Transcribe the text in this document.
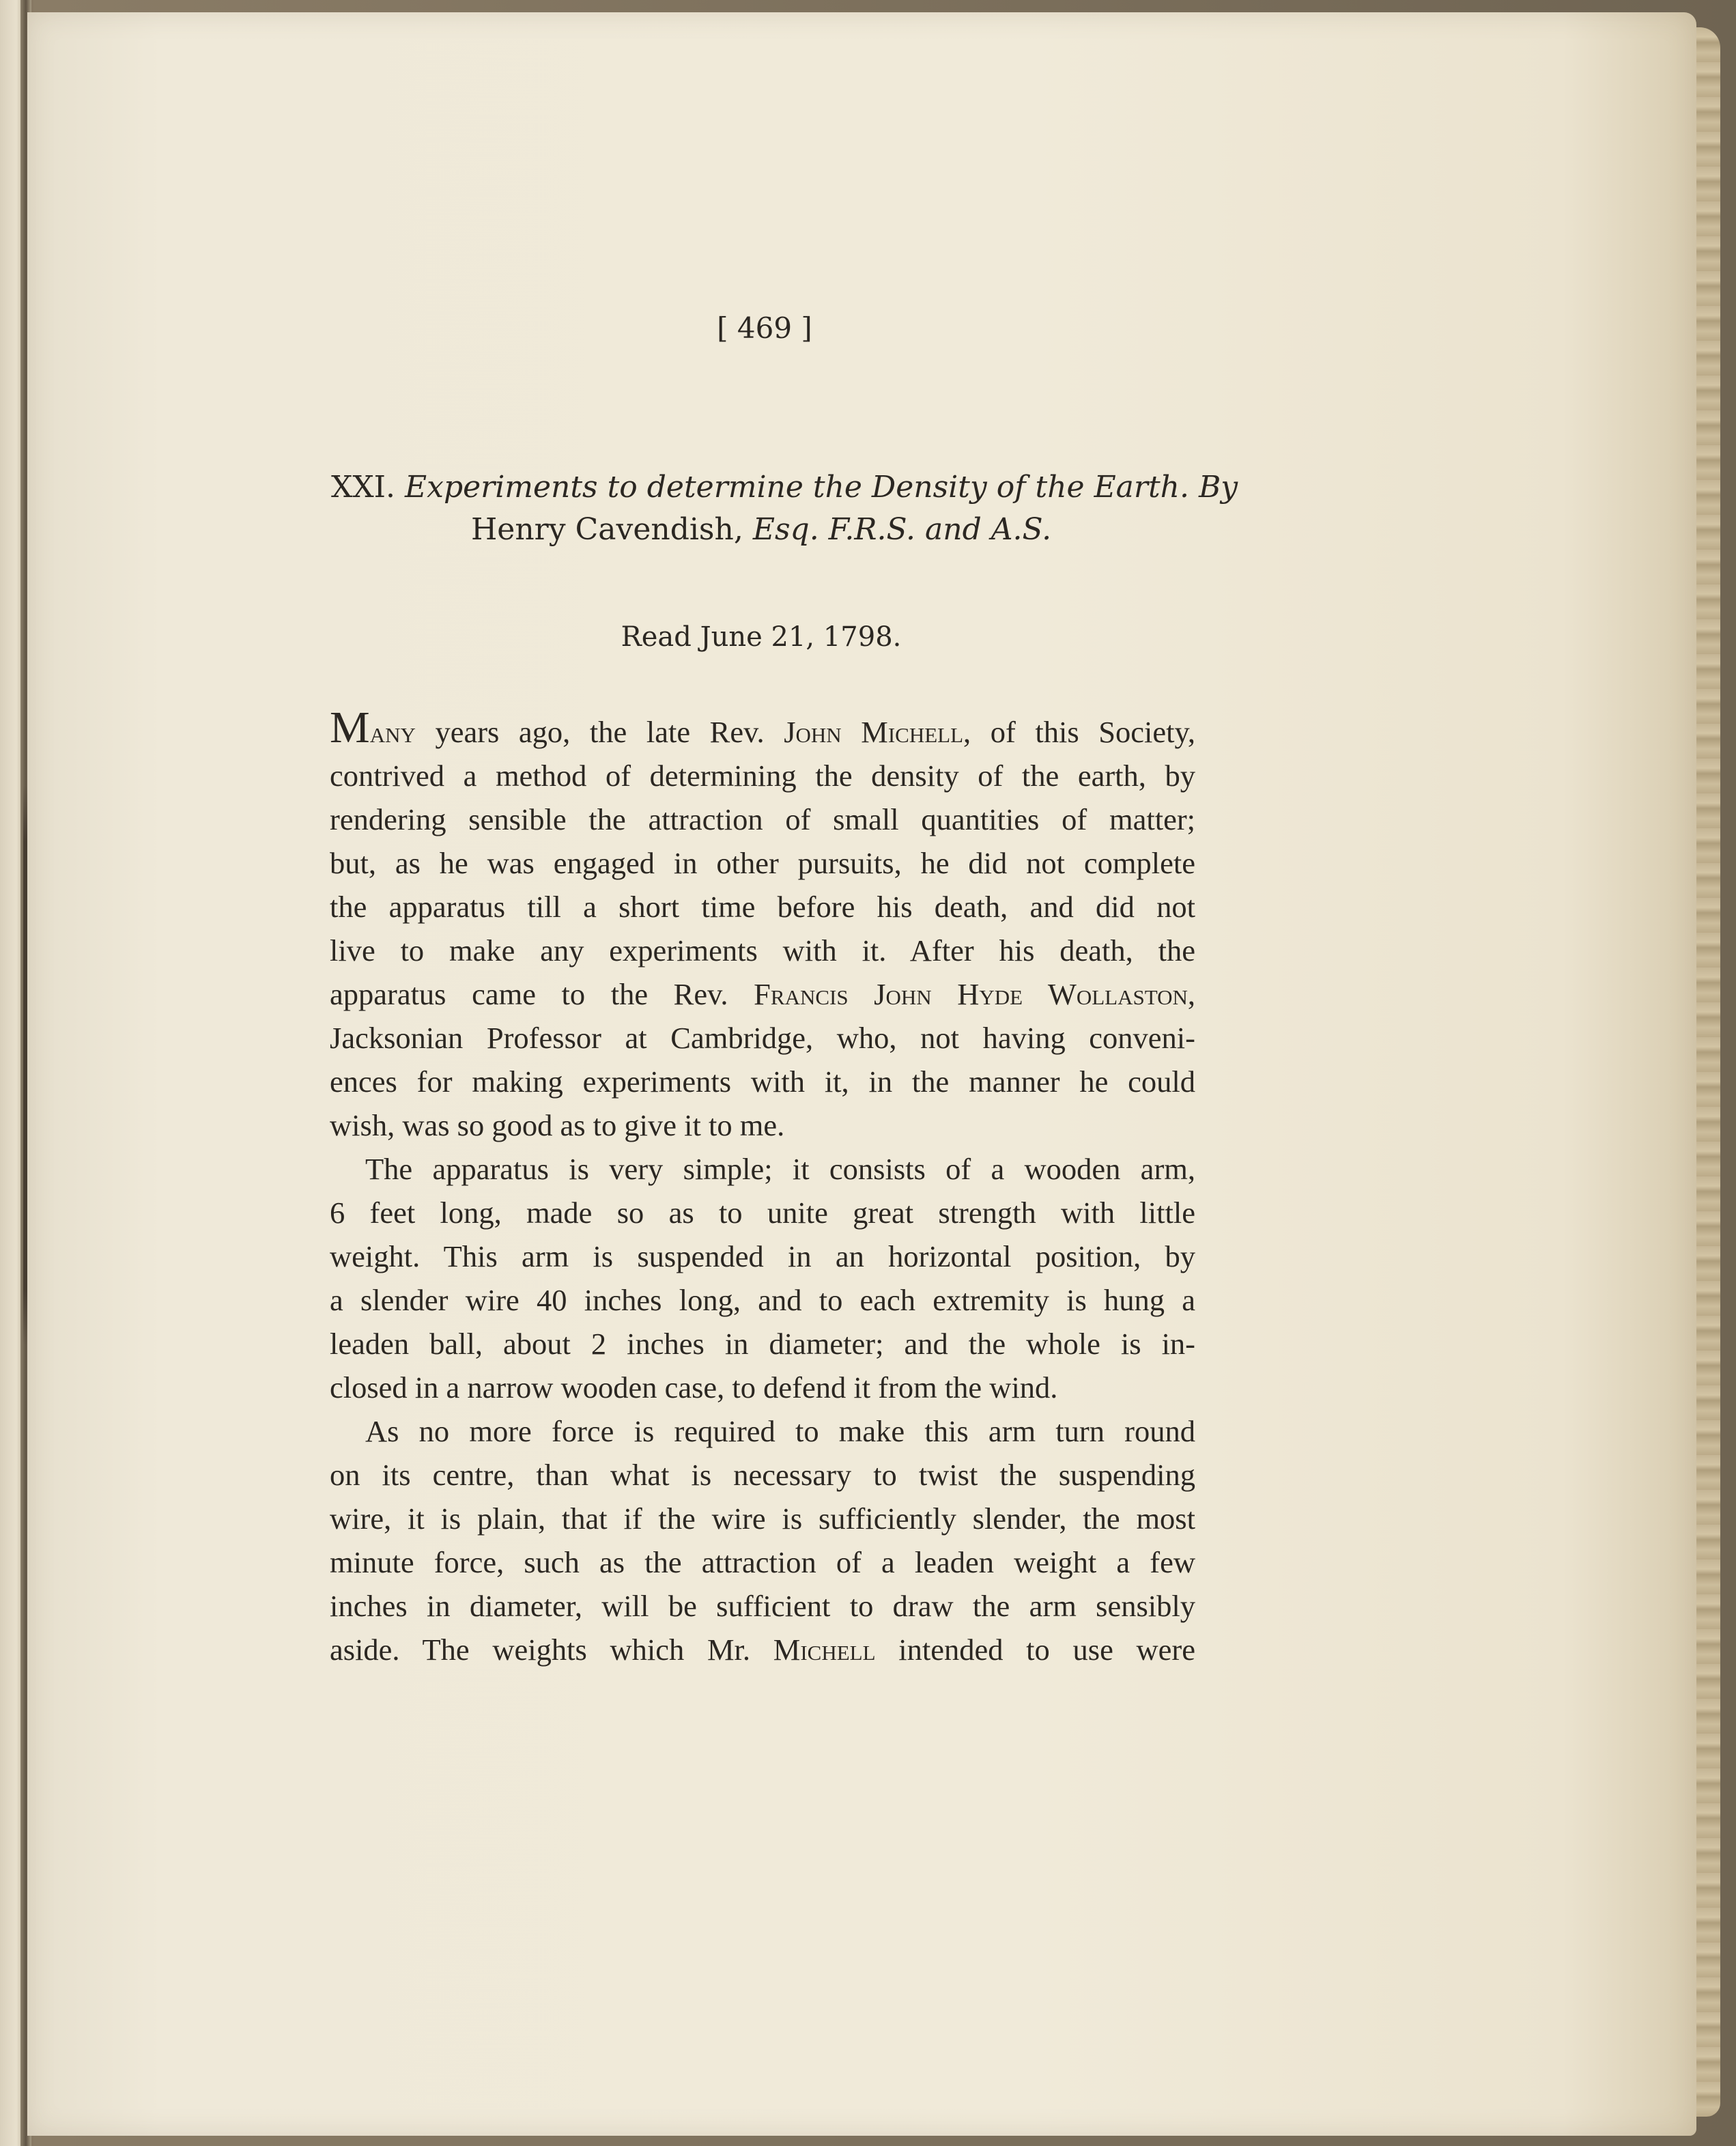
[ 469 ]
XXI. Experiments to determine the Density of the Earth. By
Henry Cavendish, Esq. F.R.S. and A.S.
Read June 21, 1798.
Many years ago, the late Rev. John Michell, of this Society,
contrived a method of determining the density of the earth, by
rendering sensible the attraction of small quantities of matter;
but, as he was engaged in other pursuits, he did not complete
the apparatus till a short time before his death, and did not
live to make any experiments with it. After his death, the
apparatus came to the Rev. Francis John Hyde Wollaston,
Jacksonian Professor at Cambridge, who, not having conveni-
ences for making experiments with it, in the manner he could
wish, was so good as to give it to me.
The apparatus is very simple; it consists of a wooden arm,
6 feet long, made so as to unite great strength with little
weight. This arm is suspended in an horizontal position, by
a slender wire 40 inches long, and to each extremity is hung a
leaden ball, about 2 inches in diameter; and the whole is in-
closed in a narrow wooden case, to defend it from the wind.
As no more force is required to make this arm turn round
on its centre, than what is necessary to twist the suspending
wire, it is plain, that if the wire is sufficiently slender, the most
minute force, such as the attraction of a leaden weight a few
inches in diameter, will be sufficient to draw the arm sensibly
aside. The weights which Mr. Michell intended to use were
